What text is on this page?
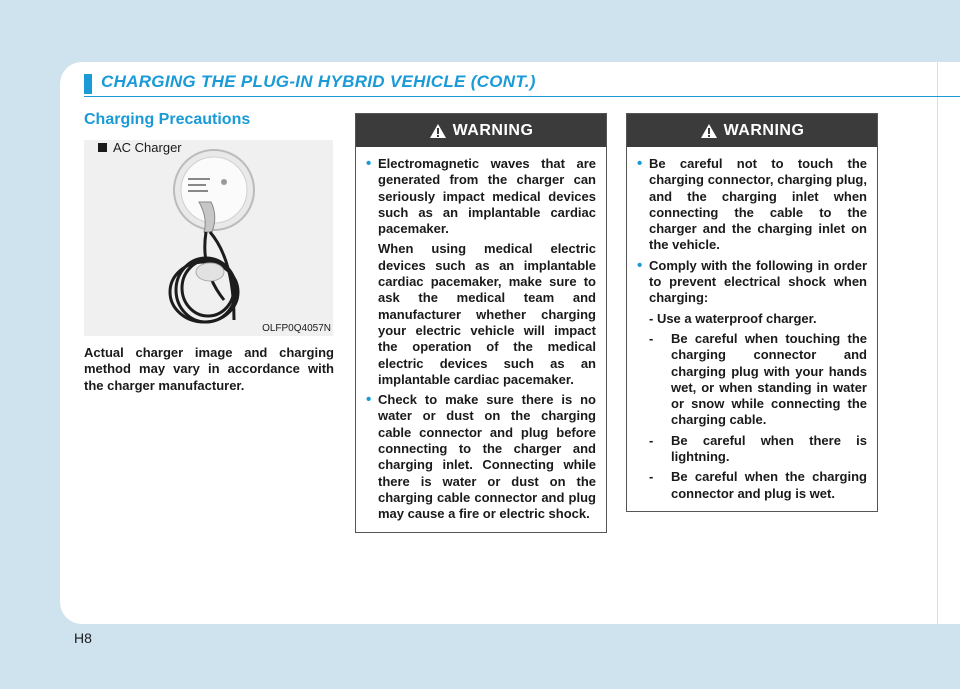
CHARGING THE PLUG-IN HYBRID VEHICLE (CONT.)
Charging Precautions
AC Charger
OLFP0Q4057N
Actual charger image and charging method may vary in accordance with the charger manufacturer.
WARNING
• Electromagnetic waves that are generated from the charger can seriously impact medical devices such as an implantable cardiac pacemaker.
When using medical electric devices such as an implantable cardiac pacemaker, make sure to ask the medical team and manufacturer whether charging your electric vehicle will impact the operation of the medical electric devices such as an implantable cardiac pacemaker.
• Check to make sure there is no water or dust on the charging cable connector and plug before connecting to the charger and charging inlet. Connecting while there is water or dust on the charging cable connector and plug may cause a fire or electric shock.
WARNING
• Be careful not to touch the charging connector, charging plug, and the charging inlet when connecting the cable to the charger and the charging inlet on the vehicle.
• Comply with the following in order to prevent electrical shock when charging:
- Use a waterproof charger.
- Be careful when touching the charging connector and charging plug with your hands wet, or when standing in water or snow while connecting the charging cable.
- Be careful when there is lightning.
- Be careful when the charging connector and plug is wet.
H8
